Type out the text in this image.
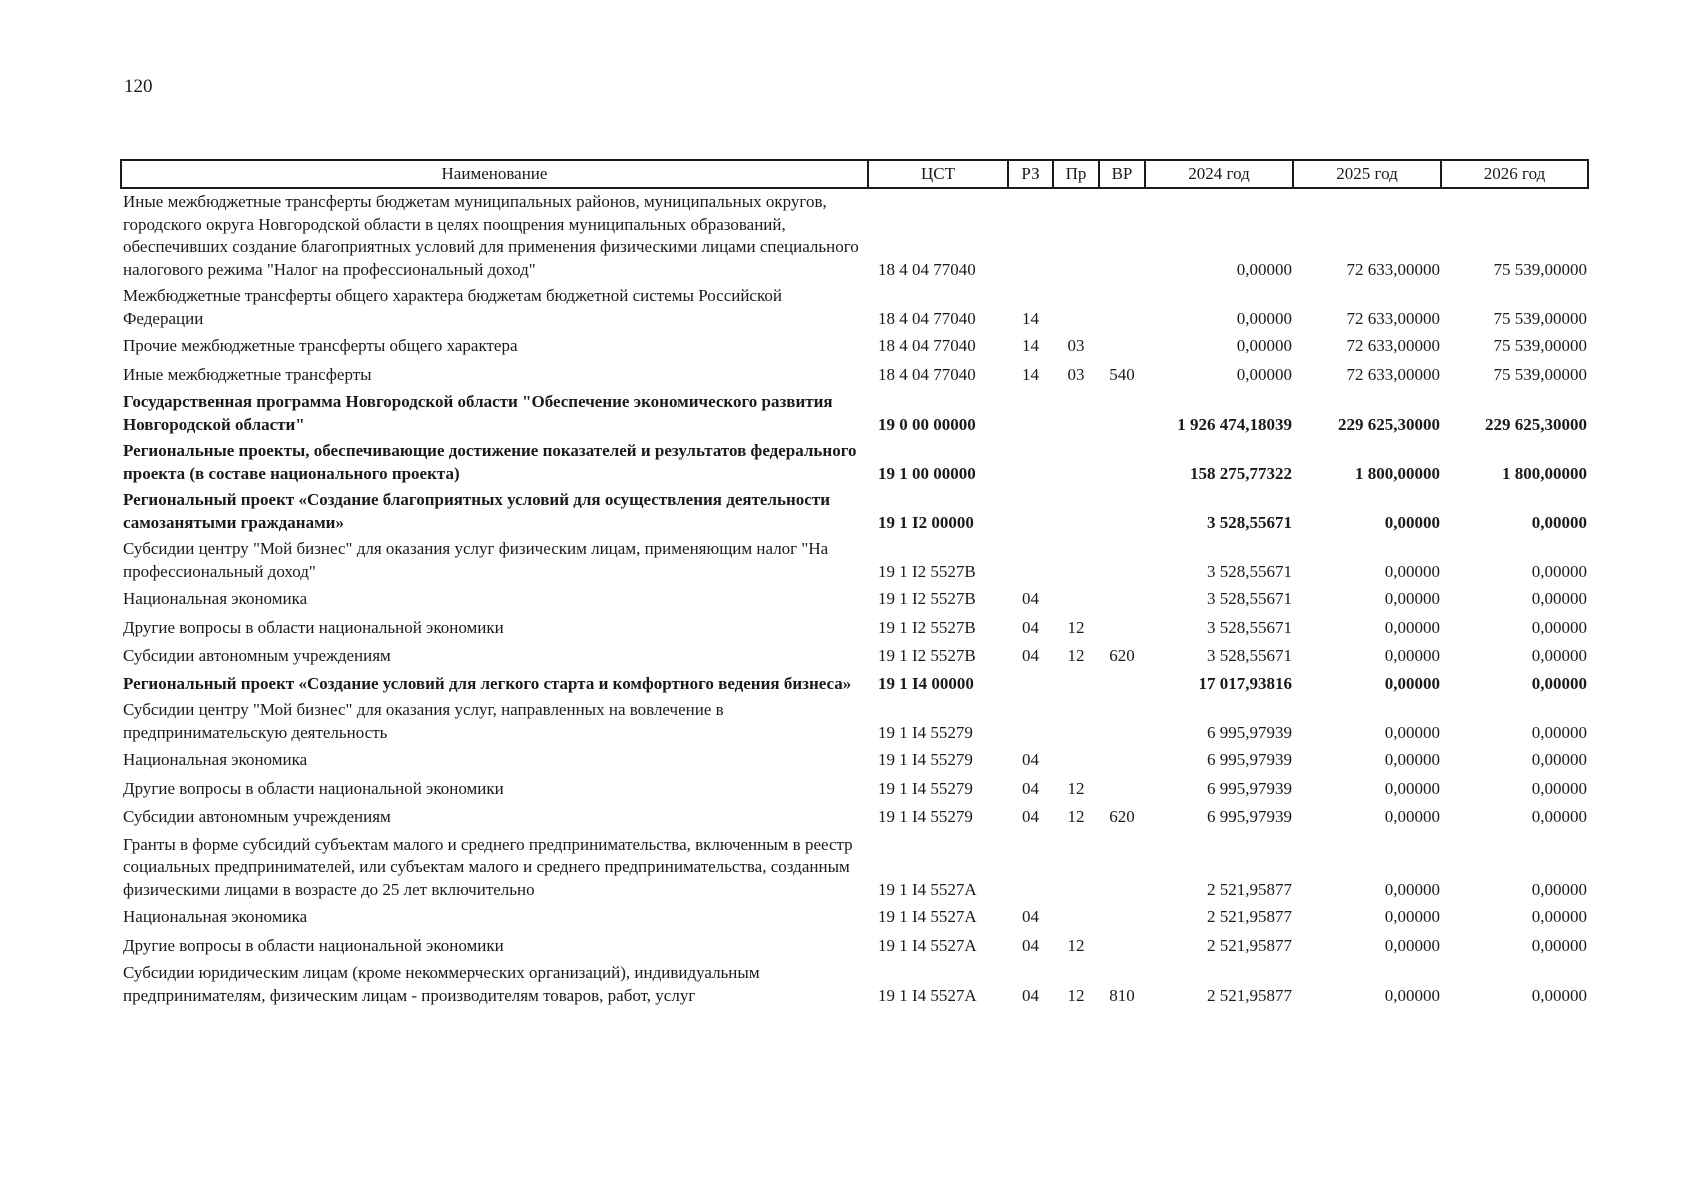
120
Наименование	ЦСТ	РЗ	Пр	ВР	2024 год	2025 год	2026 год
Иные межбюджетные трансферты бюджетам муниципальных районов, муниципальных округов, городского округа Новгородской области в целях поощрения муниципальных образований, обеспечивших создание благоприятных условий для применения физическими лицами специального налогового режима "Налог на профессиональный доход"	18 4 04 77040				0,00000	72 633,00000	75 539,00000
Межбюджетные трансферты общего характера бюджетам бюджетной системы Российской Федерации	18 4 04 77040	14			0,00000	72 633,00000	75 539,00000
Прочие межбюджетные трансферты общего характера	18 4 04 77040	14	03		0,00000	72 633,00000	75 539,00000
Иные межбюджетные трансферты	18 4 04 77040	14	03	540	0,00000	72 633,00000	75 539,00000
Государственная программа Новгородской области "Обеспечение экономического развития Новгородской области"	19 0 00 00000				1 926 474,18039	229 625,30000	229 625,30000
Региональные проекты, обеспечивающие достижение показателей и результатов федерального проекта (в составе национального проекта)	19 1 00 00000				158 275,77322	1 800,00000	1 800,00000
Региональный проект «Создание благоприятных условий для осуществления деятельности самозанятыми гражданами»	19 1 I2 00000				3 528,55671	0,00000	0,00000
Субсидии центру "Мой бизнес" для оказания услуг физическим лицам, применяющим налог "На профессиональный доход"	19 1 I2 5527B				3 528,55671	0,00000	0,00000
Национальная экономика	19 1 I2 5527B	04			3 528,55671	0,00000	0,00000
Другие вопросы в области национальной экономики	19 1 I2 5527B	04	12		3 528,55671	0,00000	0,00000
Субсидии автономным учреждениям	19 1 I2 5527B	04	12	620	3 528,55671	0,00000	0,00000
Региональный проект «Создание условий для легкого старта и комфортного ведения бизнеса»	19 1 I4 00000				17 017,93816	0,00000	0,00000
Субсидии центру "Мой бизнес" для оказания услуг, направленных на вовлечение в предпринимательскую деятельность	19 1 I4 55279				6 995,97939	0,00000	0,00000
Национальная экономика	19 1 I4 55279	04			6 995,97939	0,00000	0,00000
Другие вопросы в области национальной экономики	19 1 I4 55279	04	12		6 995,97939	0,00000	0,00000
Субсидии автономным учреждениям	19 1 I4 55279	04	12	620	6 995,97939	0,00000	0,00000
Гранты в форме субсидий субъектам малого и среднего предпринимательства, включенным в реестр социальных предпринимателей, или субъектам малого и среднего предпринимательства, созданным физическими лицами в возрасте до 25 лет включительно	19 1 I4 5527A				2 521,95877	0,00000	0,00000
Национальная экономика	19 1 I4 5527A	04			2 521,95877	0,00000	0,00000
Другие вопросы в области национальной экономики	19 1 I4 5527A	04	12		2 521,95877	0,00000	0,00000
Субсидии юридическим лицам (кроме некоммерческих организаций), индивидуальным предпринимателям, физическим лицам - производителям товаров, работ, услуг	19 1 I4 5527A	04	12	810	2 521,95877	0,00000	0,00000
